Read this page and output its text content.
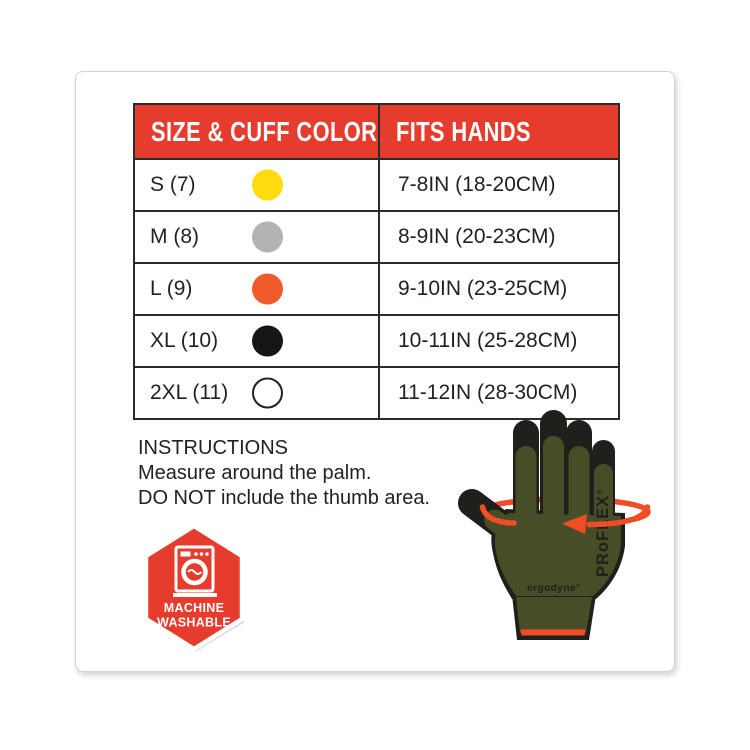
SIZE & CUFF COLOR	FITS HANDS
S (7)	7-8IN (18-20CM)
M (8)	8-9IN (20-23CM)
L (9)	9-10IN (23-25CM)
XL (10)	10-11IN (25-28CM)
2XL (11)	11-12IN (28-30CM)
INSTRUCTIONS
Measure around the palm.
DO NOT include the thumb area.
MACHINE
WASHABLE
PRoFLEX®
ergodyne®
